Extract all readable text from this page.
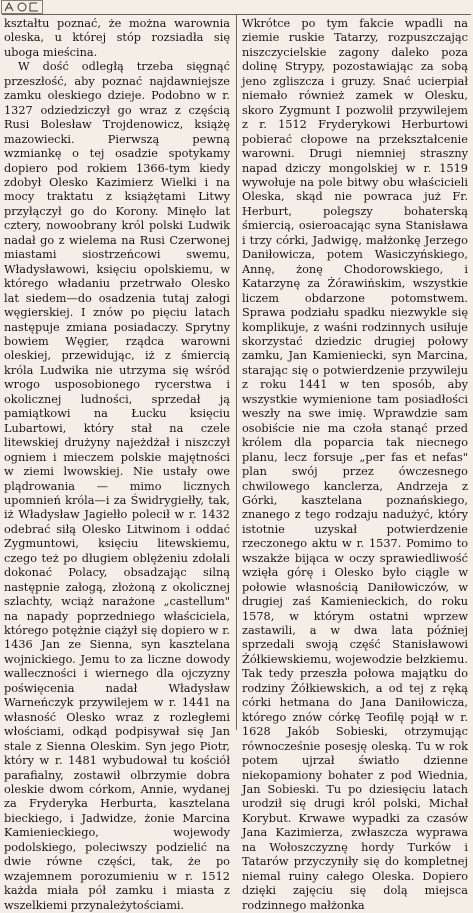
kształtu poznać, że można warownia oleska, u której stóp rozsiadła się uboga mieścina.

W dość odległą trzeba sięgnąć przeszłość, aby poznać najdawniejsze zamku oleskiego dzieje. Podobno w r. 1327 odziedziczył go wraz z częścią Rusi Bolesław Trojdenowicz, książę mazowiecki. Pierwszą pewną wzmiankę o tej osadzie spotykamy dopiero pod rokiem 1366-tym kiedy zdobył Olesko Kazimierz Wielki i na mocy traktatu z książętami Litwy przyłączył go do Korony. Minęło lat cztery, nowoobrany król polski Ludwik nadał go z wielema na Rusi Czerwonej miastami siostrzeńcowi swemu, Władysławowi, księciu opolskiemu, w którego władaniu przetrwało Olesko lat siedem—do osadzenia tutaj załogi węgierskiej. I znów po pięciu latach następuje zmiana posiadaczy. Sprytny bowiem Węgier, rządca warowni oleskiej, przewidując, iż z śmiercią króla Ludwika nie utrzyma się wśród wrogo usposobionego rycerstwa i okolicznej ludności, sprzedał ją pamiątkowi na Łucku księciu Lubartowi, który stał na czele litewskiej drużyny najeżdżał i niszczył ogniem i mieczem polskie majętności w ziemi lwowskiej. Nie ustały owe plądrowania — mimo licznych upomnień króla—i za Świdrygiełły, tak, iż Władysław Jagiełło polecił w r. 1432 odebrać siłą Olesko Litwinom i oddać Zygmuntowi, księciu litewskiemu, czego też po długiem oblężeniu zdołali dokonać Polacy, obsadzając silną następnie załogą, złożoną z okolicznej szlachty, wciąż narażone „castellum" na napady poprzedniego właściciela, którego potężnie ciążył się dopiero w r. 1436 Jan ze Sienna, syn kasztelana wojnickiego. Jemu to za liczne dowody walleczności i wiernego dla ojczyzny poświęcenia nadał Władysław Warneńczyk przywilejem w r. 1441 na własność Olesko wraz z rozległemi włościami, odkąd podpisywał się Jan stale z Sienna Oleskim. Syn jego Piotr, który w r. 1481 wybudował tu kościół parafialny, zostawił olbrzymie dobra oleskie dwom córkom, Annie, wydanej za Fryderyka Herburta, kasztelana bieckiego, i Jadwidze, żonie Marcina Kamienieckiego, wojewody podolskiego, poleciwszy podzielić na dwie równe części, tak, że po wzajemnem porozumieniu w r. 1512 każda miała pół zamku i miasta z wszelkiemi przynależytościami.

Wkrótce po tym fakcie wpadli na ziemie ruskie Tatarzy, rozpuszczając niszczycielskie zagony daleko poza dolinę Strypy, pozostawiając za sobą jeno zgliszcza i gruzy. Snać ucierpiał niemało również zamek w Olesku, skoro Zygmunt I pozwolił przywilejem z r. 1512 Fryderykowi Herburtowi pobierać cłopowe na przekształcenie warowni. Drugi niemniej straszny napad dziczy mongolskiej w r. 1519 wywołuje na pole bitwy obu właścicieli Oleska, skąd nie powraca już Fr. Herburt, polegszy bohaterską śmiercią, osieroacając syna Stanisława i trzy córki, Jadwigę, małżonkę Jerzego Daniłowicza, potem Wasiczyńskiego, Annę, żonę Chodorowskiego, i Katarzynę za Żórawińskim, wszystkie liczem obdarzone potomstwem. Sprawa podziału spadku niezwykle się komplikuje, z waśni rodzinnych usiłuje skorzystać dziedzic drugiej połowy zamku, Jan Kamieniecki, syn Marcina, starając się o potwierdzenie przywileju z roku 1441 w ten sposób, aby wszystkie wymienione tam posiadłości weszły na swe imię. Wprawdzie sam osobiście nie ma czoła stanąć przed królem dla poparcia tak niecnego planu, lecz forsuje „per fas et nefas" plan swój przez ówczesnego chwilowego kanclerza, Andrzeja z Górki, kasztelana poznańskiego, znanego z tego rodzaju nadużyć, który istotnie uzyskał potwierdzenie rzeczonego aktu w r. 1537. Pomimo to wszakże bijąca w oczy sprawiedliwość wzięła górę i Olesko było ciągle w połowie własnością Daniłowiczów, w drugiej zaś Kamienieckich, do roku 1578, w którym ostatni wprzew zastawili, a w dwa lata później sprzedali swoją część Stanisławowi Żółkiewskiemu, wojewodzie bełzkiemu. Tak tedy przeszła połowa majątku do rodziny Żółkiewskich, a od tej z ręką córki hetmana do Jana Daniłowicza, którego znów córkę Teofilę pojął w r. 1628 Jakób Sobieski, otrzymując równocześnie posesję oleską. Tu w rok potem ujrzał światło dzienne niekopamiony bohater z pod Wiednia, Jan Sobieski. Tu po dziesięciu latach urodził się drugi król polski, Michał Korybut. Krwawe wypadki za czasów Jana Kazimierza, zwłaszcza wyprawa na Wołoszczyznę hordy Turków i Tatarów przyczyniły się do kompletnej niemal ruiny całego Oleska. Dopiero dzięki zajęciu się dolą miejsca rodzinnego małżonka
